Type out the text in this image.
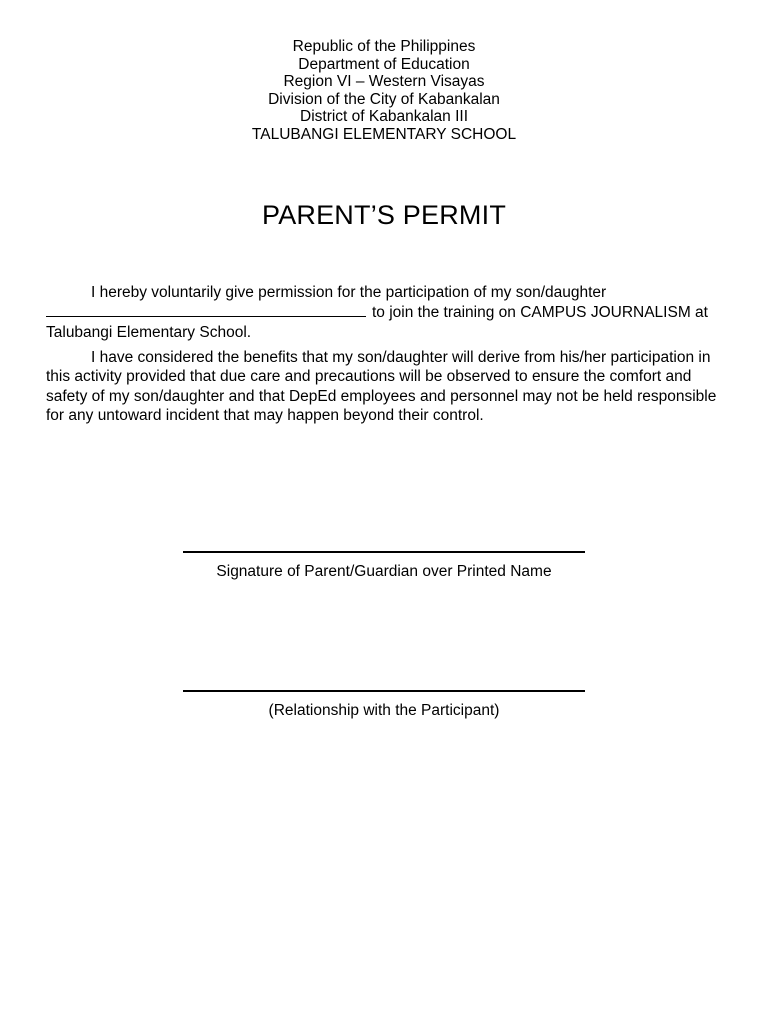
Republic of the Philippines
Department of Education
Region VI – Western Visayas
Division of the City of Kabankalan
District of Kabankalan III
TALUBANGI ELEMENTARY SCHOOL
PARENT’S PERMIT
I hereby voluntarily give permission for the participation of my son/daughter
to join the training on CAMPUS JOURNALISM at Talubangi Elementary School.
I have considered the benefits that my son/daughter will derive from his/her participation in this activity provided that due care and precautions will be observed to ensure the comfort and safety of my son/daughter and that DepEd employees and personnel may not be held responsible for any untoward incident that may happen beyond their control.
Signature of Parent/Guardian over Printed Name
(Relationship with the Participant)
